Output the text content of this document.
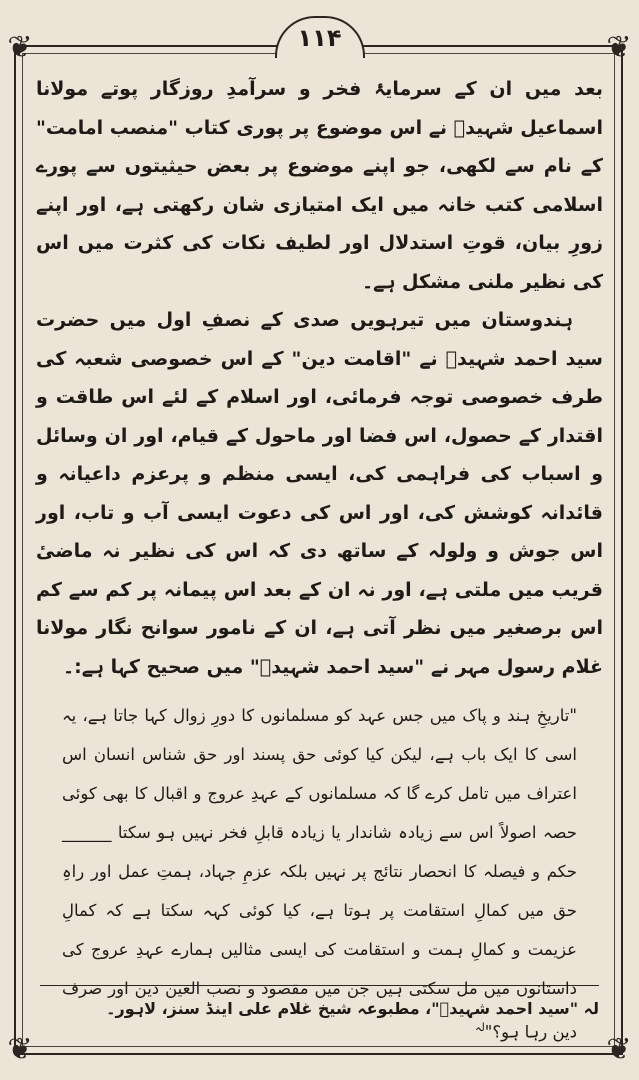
❦	❦
❦	❦
۱۱۴

بعد میں ان کے سرمایۂ فخر و سرآمدِ روزگار پوتے مولانا اسماعیل شہیدؒ نے اس موضوع پر پوری کتاب "منصب امامت" کے نام سے لکھی، جو اپنے موضوع پر بعض حیثیتوں سے پورے اسلامی کتب خانہ میں ایک امتیازی شان رکھتی ہے، اور اپنے زورِ بیان، قوتِ استدلال اور لطیف نکات کی کثرت میں اس کی نظیر ملنی مشکل ہے۔

ہندوستان میں تیرہویں صدی کے نصفِ اول میں حضرت سید احمد شہیدؒ نے "اقامت دین" کے اس خصوصی شعبہ کی طرف خصوصی توجہ فرمائی، اور اسلام کے لئے اس طاقت و اقتدار کے حصول، اس فضا اور ماحول کے قیام، اور ان وسائل و اسباب کی فراہمی کی، ایسی منظم و پرعزم داعیانہ و قائدانہ کوشش کی، اور اس کی دعوت ایسی آب و تاب، اور اس جوش و ولولہ کے ساتھ دی کہ اس کی نظیر نہ ماضیٔ قریب میں ملتی ہے، اور نہ ان کے بعد اس پیمانہ پر کم سے کم اس برصغیر میں نظر آتی ہے، ان کے نامور سوانح نگار مولانا غلام رسول مہر نے "سید احمد شہیدؒ" میں صحیح کہا ہے:۔

"تاریخِ ہند و پاک میں جس عہد کو مسلمانوں کا دورِ زوال کہا جاتا ہے، یہ اسی کا ایک باب ہے، لیکن کیا کوئی حق پسند اور حق شناس انسان اس اعتراف میں تامل کرے گا کہ مسلمانوں کے عہدِ عروج و اقبال کا بھی کوئی حصہ اصولاً اس سے زیادہ شاندار یا زیادہ قابلِ فخر نہیں ہو سکتا ______ حکم و فیصلہ کا انحصار نتائج پر نہیں بلکہ عزمِ جہاد، ہمتِ عمل اور راہِ حق میں کمالِ استقامت پر ہوتا ہے، کیا کوئی کہہ سکتا ہے کہ کمالِ عزیمت و کمالِ ہمت و استقامت کی ایسی مثالیں ہمارے عہدِ عروج کی داستانوں میں مل سکتی ہیں جن میں مقصود و نصب العین دین اور صرف دین رہا ہو؟"$^{لہ}$

لہ "سید احمد شہیدؒ"، مطبوعہ شیخ غلام علی اینڈ سنز، لاہور۔
